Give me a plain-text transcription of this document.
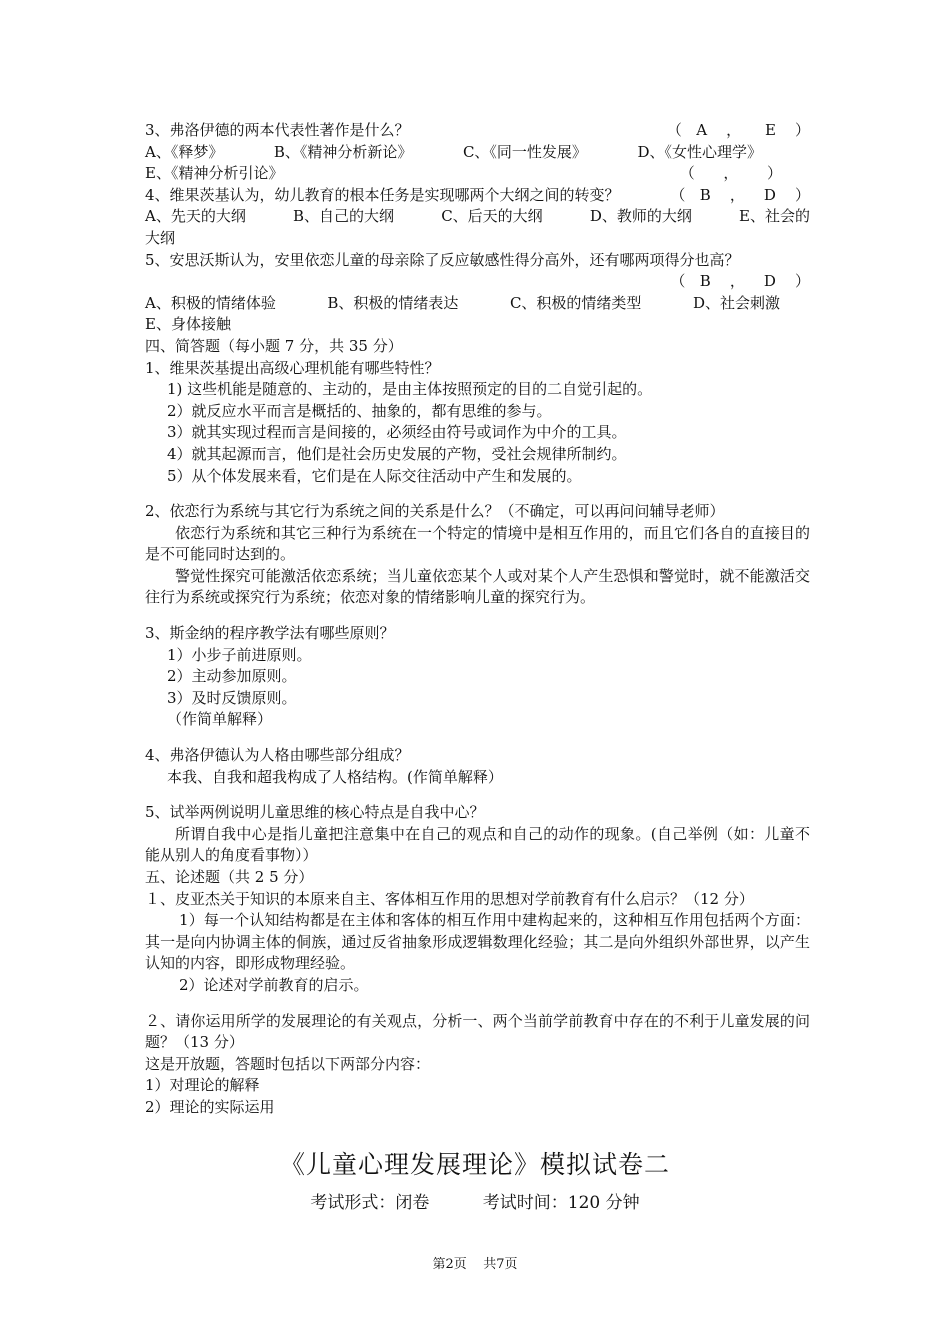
3、弗洛伊德的两本代表性著作是什么？	（   A    ，     E    ）
A、《释梦》	B、《精神分析新论》	C、《同一性发展》	D、《女性心理学》
E、《精神分析引论》	（      ，      ）
4、维果茨基认为，幼儿教育的根本任务是实现哪两个大纲之间的转变？	（   B    ，    D    ）
A、先天的大纲	B、自己的大纲	C、后天的大纲	D、教师的大纲	E、社会的
大纲
5、安思沃斯认为，安里依恋儿童的母亲除了反应敏感性得分高外，还有哪两项得分也高？
（   B    ，    D    ）
A、积极的情绪体验	B、积极的情绪表达	C、积极的情绪类型	D、社会刺激
E、身体接触
四、简答题（每小题 7 分，共 35 分）
1、维果茨基提出高级心理机能有哪些特性？
1) 这些机能是随意的、主动的，是由主体按照预定的目的二自觉引起的。
2）就反应水平而言是概括的、抽象的，都有思维的参与。
3）就其实现过程而言是间接的，必须经由符号或词作为中介的工具。
4）就其起源而言，他们是社会历史发展的产物，受社会规律所制约。
5）从个体发展来看，它们是在人际交往活动中产生和发展的。
2、依恋行为系统与其它行为系统之间的关系是什么？（不确定，可以再问问辅导老师）
依恋行为系统和其它三种行为系统在一个特定的情境中是相互作用的，而且它们各自的直接目的是不可能同时达到的。
警觉性探究可能激活依恋系统；当儿童依恋某个人或对某个人产生恐惧和警觉时，就不能激活交往行为系统或探究行为系统；依恋对象的情绪影响儿童的探究行为。
3、斯金纳的程序教学法有哪些原则？
1）小步子前进原则。
2）主动参加原则。
3）及时反馈原则。
（作简单解释）
4、弗洛伊德认为人格由哪些部分组成？
本我、自我和超我构成了人格结构。(作简单解释）
5、试举两例说明儿童思维的核心特点是自我中心？
所谓自我中心是指儿童把注意集中在自己的观点和自己的动作的现象。(自己举例（如：儿童不能从别人的角度看事物））
五、论述题（共 2 5 分）
１、皮亚杰关于知识的本原来自主、客体相互作用的思想对学前教育有什么启示？（12 分）
1）每一个认知结构都是在主体和客体的相互作用中建构起来的，这种相互作用包括两个方面：其一是向内协调主体的侗族，通过反省抽象形成逻辑数理化经验；其二是向外组织外部世界，以产生认知的内容，即形成物理经验。
2）论述对学前教育的启示。
２、请你运用所学的发展理论的有关观点，分析一、两个当前学前教育中存在的不利于儿童发展的问题？（13 分）
这是开放题，答题时包括以下两部分内容：
1）对理论的解释
2）理论的实际运用
《儿童心理发展理论》模拟试卷二
考试形式：闭卷	考试时间：120 分钟
第2页    共7页
